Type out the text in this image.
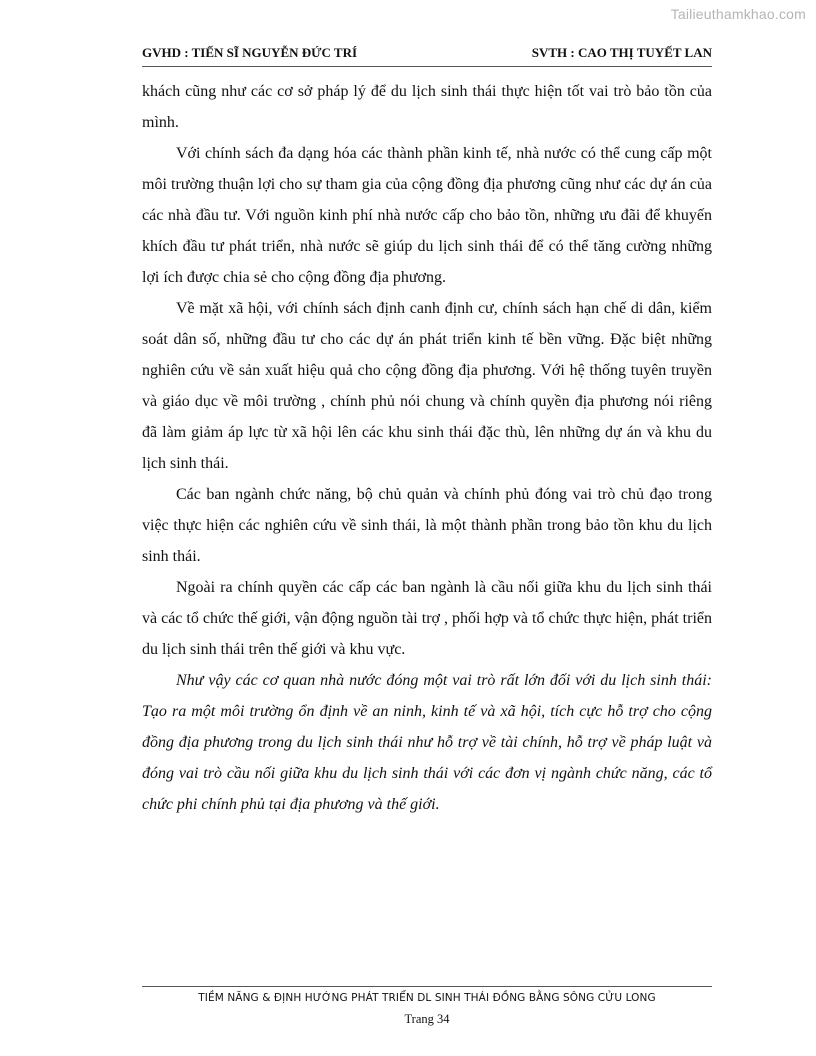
Tailieuthamkhao.com
GVHD : TIẾN SĨ NGUYỄN ĐỨC TRÍ	SVTH : CAO THỊ TUYẾT LAN

khách cũng như các cơ sở pháp lý để du lịch sinh thái thực hiện tốt vai trò bảo tồn của mình.

Với chính sách đa dạng hóa các thành phần kinh tế, nhà nước có thể cung cấp một môi trường thuận lợi cho sự tham gia của cộng đồng địa phương cũng như các dự án của các nhà đầu tư. Với nguồn kinh phí nhà nước cấp cho bảo tồn, những ưu đãi để khuyến khích đầu tư phát triển, nhà nước sẽ giúp du lịch sinh thái để có thể tăng cường những lợi ích được chia sẻ cho cộng đồng địa phương.

Về mặt xã hội, với chính sách định canh định cư, chính sách hạn chế di dân, kiểm soát dân số, những đầu tư cho các dự án phát triển kinh tế bền vững. Đặc biệt những nghiên cứu về sản xuất hiệu quả cho cộng đồng địa phương. Với hệ thống tuyên truyền và giáo dục về môi trường , chính phủ nói chung và chính quyền địa phương nói riêng đã làm giảm áp lực từ xã hội lên các khu sinh thái đặc thù, lên những dự án và khu du lịch sinh thái.

Các ban ngành chức năng, bộ chủ quản và chính phủ đóng vai trò chủ đạo trong việc thực hiện các nghiên cứu về sinh thái, là một thành phần trong bảo tồn khu du lịch sinh thái.

Ngoài ra chính quyền các cấp các ban ngành là cầu nối giữa khu du lịch sinh thái và các tổ chức thế giới, vận động nguồn tài trợ , phối hợp và tổ chức thực hiện, phát triển du lịch sinh thái trên thế giới và khu vực.

Như vậy các cơ quan nhà nước đóng một vai trò rất lớn đối với du lịch sinh thái: Tạo ra một môi trường ổn định về an ninh, kinh tế và xã hội, tích cực hỗ trợ cho cộng đồng địa phương trong du lịch sinh thái như hỗ trợ về tài chính, hỗ trợ về pháp luật và đóng vai trò cầu nối giữa khu du lịch sinh thái với các đơn vị ngành chức năng, các tổ chức phi chính phủ tại địa phương và thế giới.

TIỀM NĂNG & ĐỊNH HƯỚNG PHÁT TRIỂN DL SINH THÁI ĐỒNG BẰNG SÔNG CỬU LONG
Trang 34
